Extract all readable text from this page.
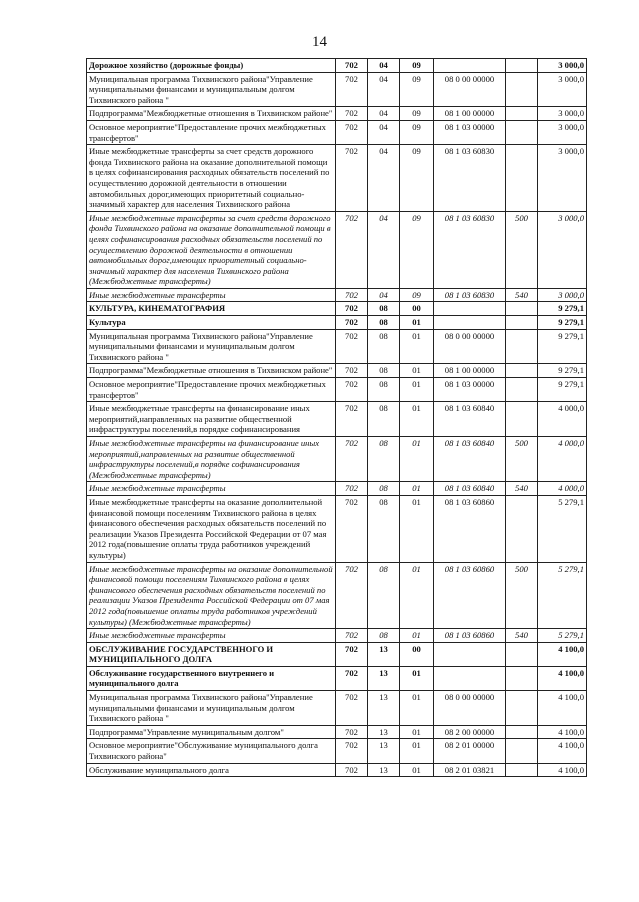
14
Дорожное хозяйство (дорожные фонды)	702	04	09			3 000,0
Муниципальная программа Тихвинского района"Управление муниципальными финансами и муниципальным долгом Тихвинского района "	702	04	09	08 0 00 00000		3 000,0
Подпрограмма"Межбюджетные отношения в Тихвинском районе"	702	04	09	08 1 00 00000		3 000,0
Основное мероприятие"Предоставление прочих межбюджетных трансфертов"	702	04	09	08 1 03 00000		3 000,0
Иные межбюджетные трансферты за счет средств дорожного фонда Тихвинского района на оказание дополнительной помощи в целях софинансирования расходных обязательств поселений по осуществлению дорожной деятельности в отношении автомобильных дорог,имеющих приоритетный социально-значимый характер для населения Тихвинского района	702	04	09	08 1 03 60830		3 000,0
Иные межбюджетные трансферты за счет средств дорожного фонда Тихвинского района на оказание дополнительной помощи в целях софинансирования расходных обязательств поселений по осуществлению дорожной деятельности в отношении автомобильных дорог,имеющих приоритетный социально-значимый характер для населения Тихвинского района (Межбюджетные трансферты)	702	04	09	08 1 03 60830	500	3 000,0
Иные межбюджетные трансферты	702	04	09	08 1 03 60830	540	3 000,0
КУЛЬТУРА, КИНЕМАТОГРАФИЯ	702	08	00			9 279,1
Культура	702	08	01			9 279,1
Муниципальная программа Тихвинского района"Управление муниципальными финансами и муниципальным долгом Тихвинского района "	702	08	01	08 0 00 00000		9 279,1
Подпрограмма"Межбюджетные отношения в Тихвинском районе"	702	08	01	08 1 00 00000		9 279,1
Основное мероприятие"Предоставление прочих межбюджетных трансфертов"	702	08	01	08 1 03 00000		9 279,1
Иные межбюджетные трансферты на финансирование иных мероприятий,направленных на развитие общественной инфраструктуры поселений,в порядке софинансирования	702	08	01	08 1 03 60840		4 000,0
Иные межбюджетные трансферты на финансирование иных мероприятий,направленных на развитие общественной инфраструктуры поселений,в порядке софинансирования (Межбюджетные трансферты)	702	08	01	08 1 03 60840	500	4 000,0
Иные межбюджетные трансферты	702	08	01	08 1 03 60840	540	4 000,0
Иные межбюджетные трансферты на оказание дополнительной финансовой помощи поселениям Тихвинского района в целях финансового обеспечения расходных обязательств поселений по реализации Указов Президента Российской Федерации от 07 мая 2012 года(повышение оплаты труда работников учреждений культуры)	702	08	01	08 1 03 60860		5 279,1
Иные межбюджетные трансферты на оказание дополнительной финансовой помощи поселениям Тихвинского района в целях финансового обеспечения расходных обязательств поселений по реализации Указов Президента Российской Федерации от 07 мая 2012 года(повышение оплаты труда работников учреждений культуры) (Межбюджетные трансферты)	702	08	01	08 1 03 60860	500	5 279,1
Иные межбюджетные трансферты	702	08	01	08 1 03 60860	540	5 279,1
ОБСЛУЖИВАНИЕ ГОСУДАРСТВЕННОГО И МУНИЦИПАЛЬНОГО ДОЛГА	702	13	00			4 100,0
Обслуживание государственного внутреннего и муниципального долга	702	13	01			4 100,0
Муниципальная программа Тихвинского района"Управление муниципальными финансами и муниципальным долгом Тихвинского района "	702	13	01	08 0 00 00000		4 100,0
Подпрограмма"Управление муниципальным долгом"	702	13	01	08 2 00 00000		4 100,0
Основное мероприятие"Обслуживание муниципального долга Тихвинского района"	702	13	01	08 2 01 00000		4 100,0
Обслуживание муниципального долга	702	13	01	08 2 01 03821		4 100,0
